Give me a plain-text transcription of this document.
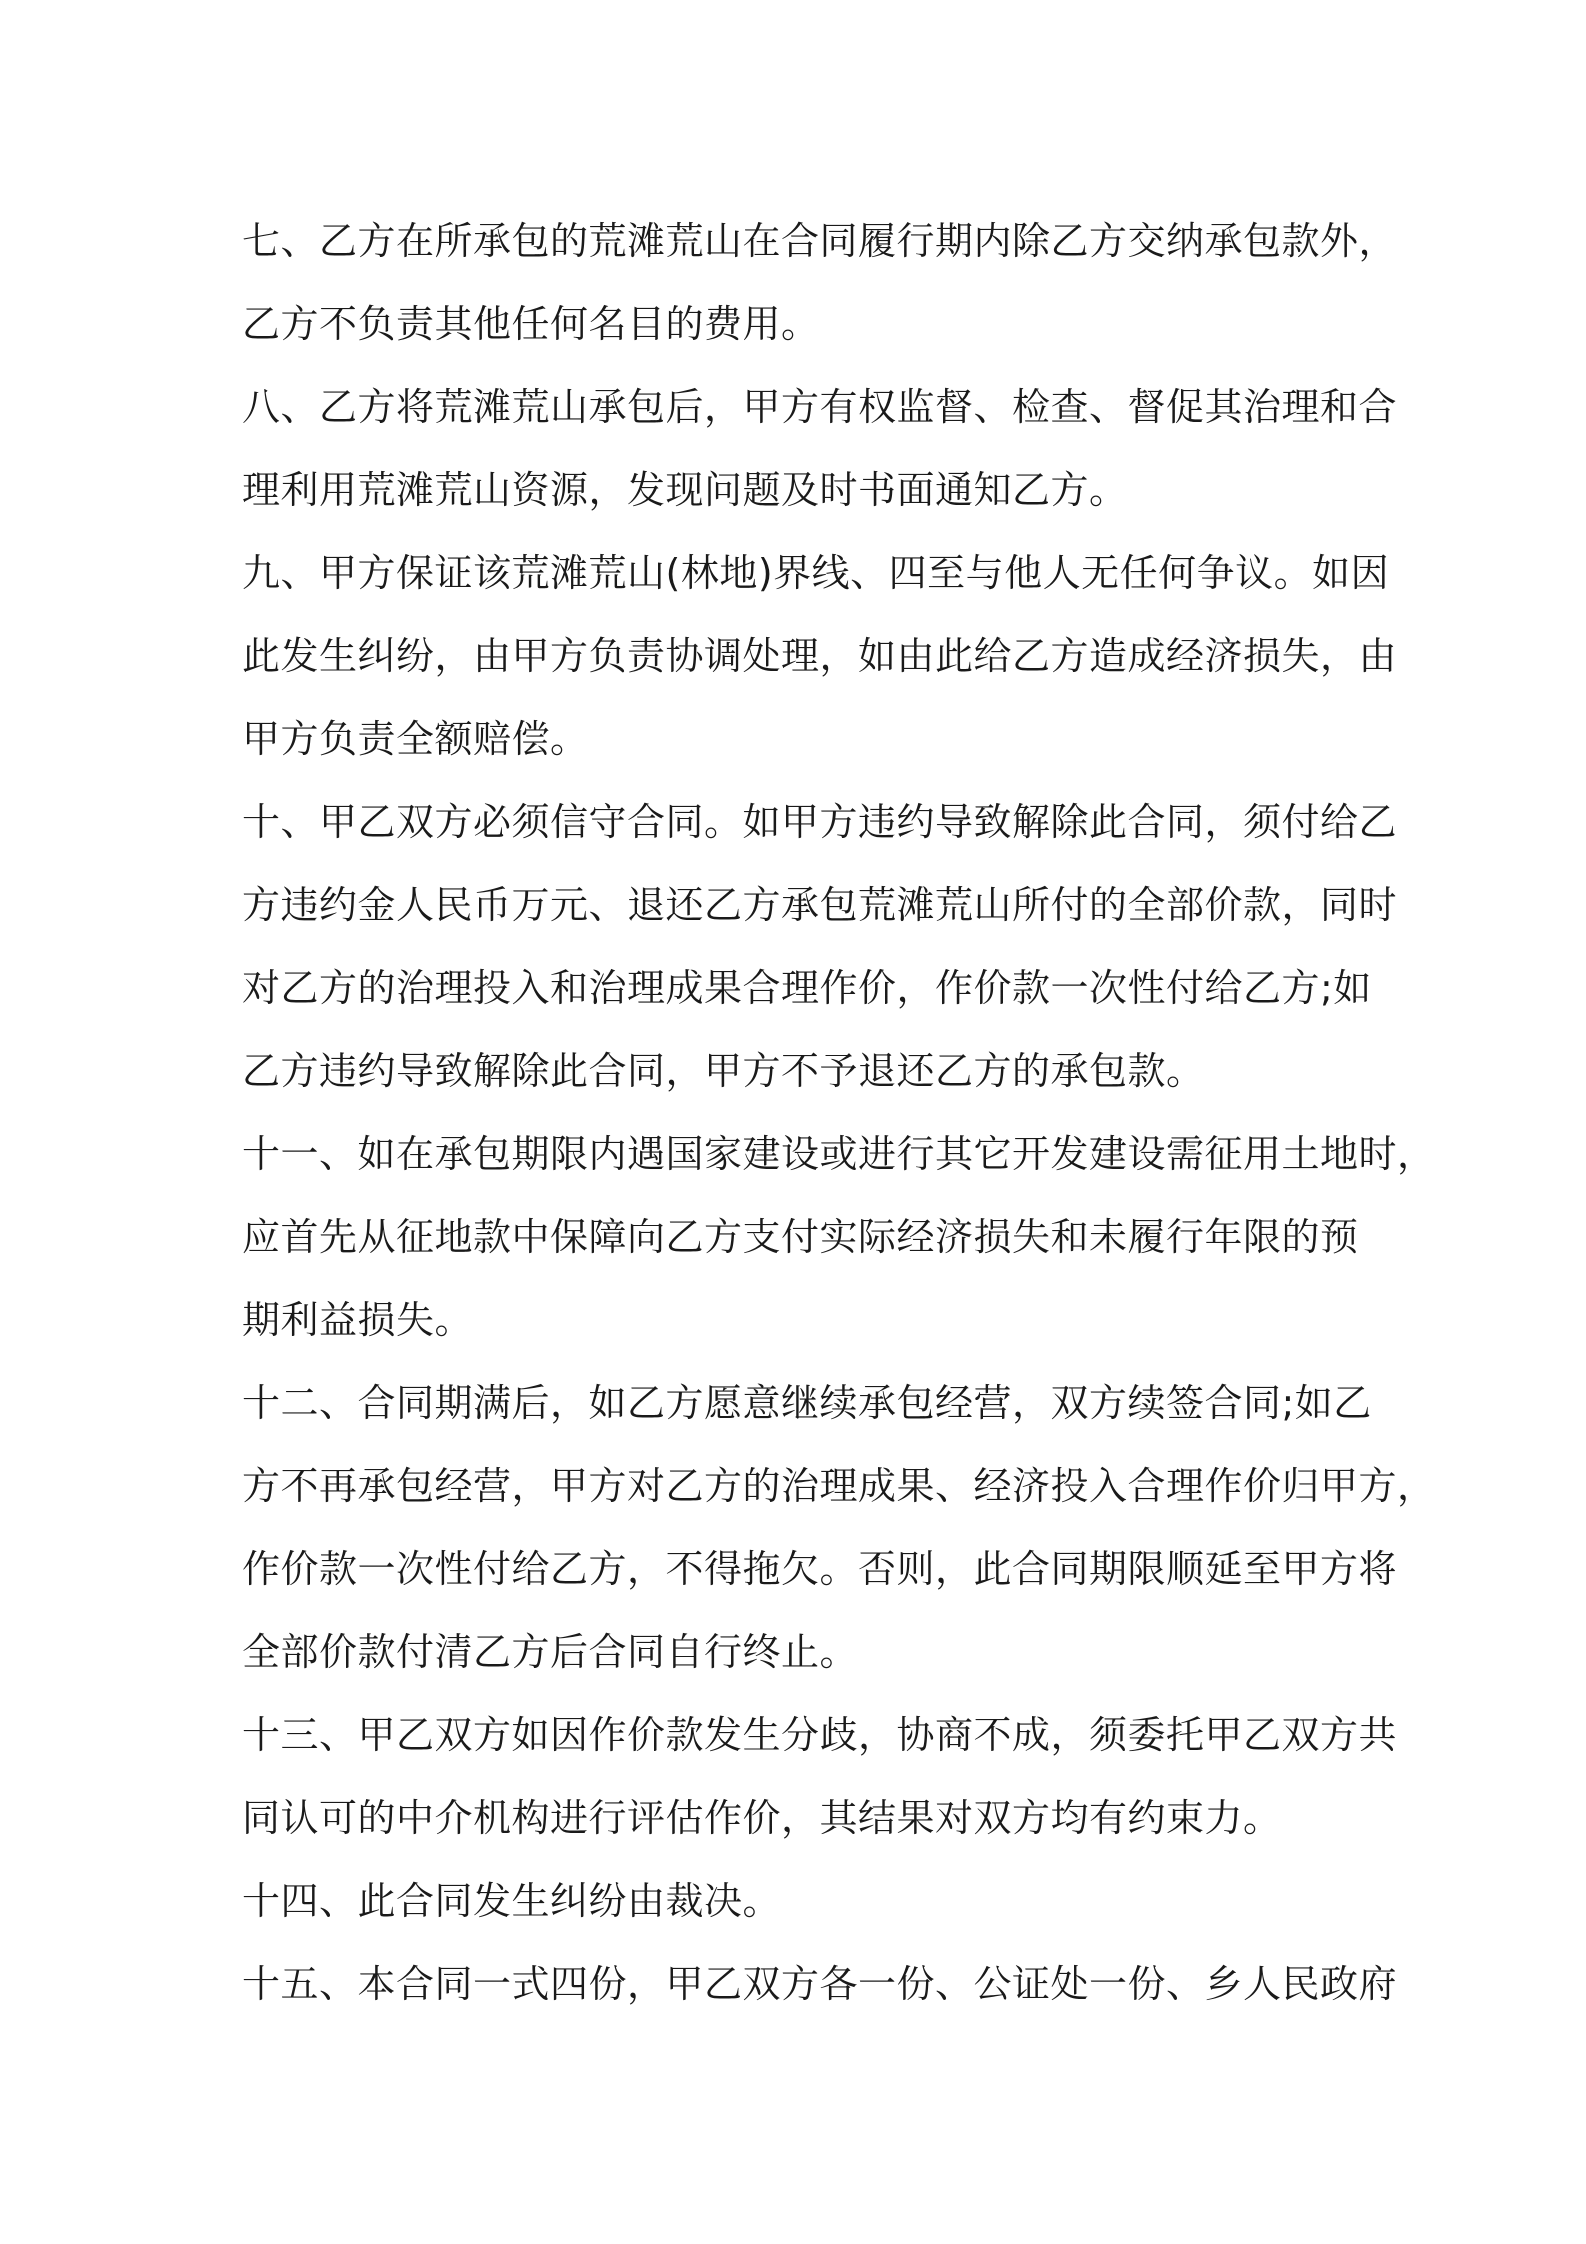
七、乙方在所承包的荒滩荒山在合同履行期内除乙方交纳承包款外，
乙方不负责其他任何名目的费用。
八、乙方将荒滩荒山承包后，甲方有权监督、检查、督促其治理和合
理利用荒滩荒山资源，发现问题及时书面通知乙方。
九、甲方保证该荒滩荒山(林地)界线、四至与他人无任何争议。如因
此发生纠纷，由甲方负责协调处理，如由此给乙方造成经济损失，由
甲方负责全额赔偿。
十、甲乙双方必须信守合同。如甲方违约导致解除此合同，须付给乙
方违约金人民币万元、退还乙方承包荒滩荒山所付的全部价款，同时
对乙方的治理投入和治理成果合理作价，作价款一次性付给乙方;如
乙方违约导致解除此合同，甲方不予退还乙方的承包款。
十一、如在承包期限内遇国家建设或进行其它开发建设需征用土地时，
应首先从征地款中保障向乙方支付实际经济损失和未履行年限的预
期利益损失。
十二、合同期满后，如乙方愿意继续承包经营，双方续签合同;如乙
方不再承包经营，甲方对乙方的治理成果、经济投入合理作价归甲方，
作价款一次性付给乙方，不得拖欠。否则，此合同期限顺延至甲方将
全部价款付清乙方后合同自行终止。
十三、甲乙双方如因作价款发生分歧，协商不成，须委托甲乙双方共
同认可的中介机构进行评估作价，其结果对双方均有约束力。
十四、此合同发生纠纷由裁决。
十五、本合同一式四份，甲乙双方各一份、公证处一份、乡人民政府
